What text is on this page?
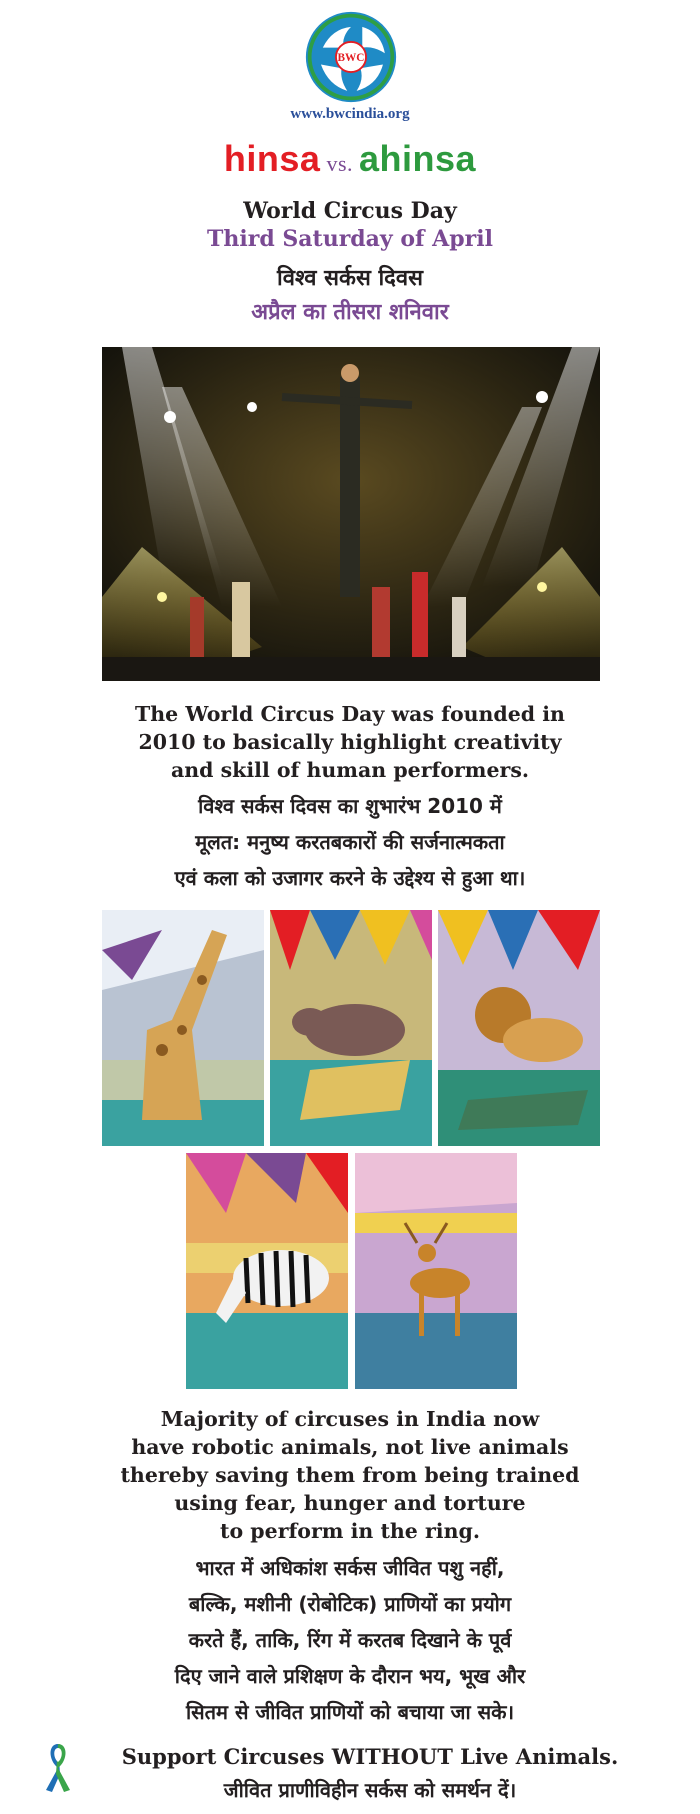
BWC
www.bwcindia.org
hinsa vs. ahinsa
World Circus Day
Third Saturday of April
विश्व सर्कस दिवस
अप्रैल का तीसरा शनिवार
The World Circus Day was founded in
2010 to basically highlight creativity
and skill of human performers.
विश्व सर्कस दिवस का शुभारंभ 2010 में
मूलत: मनुष्य करतबकारों की सर्जनात्मकता
एवं कला को उजागर करने के उद्देश्य से हुआ था।
Majority of circuses in India now
have robotic animals, not live animals
thereby saving them from being trained
using fear, hunger and torture
to perform in the ring.
भारत में अधिकांश सर्कस जीवित पशु नहीं,
बल्कि, मशीनी (रोबोटिक) प्राणियों का प्रयोग
करते हैं, ताकि, रिंग में करतब दिखाने के पूर्व
दिए जाने वाले प्रशिक्षण के दौरान भय, भूख और
सितम से जीवित प्राणियों को बचाया जा सके।
Support Circuses WITHOUT Live Animals.
जीवित प्राणीविहीन सर्कस को समर्थन दें।
